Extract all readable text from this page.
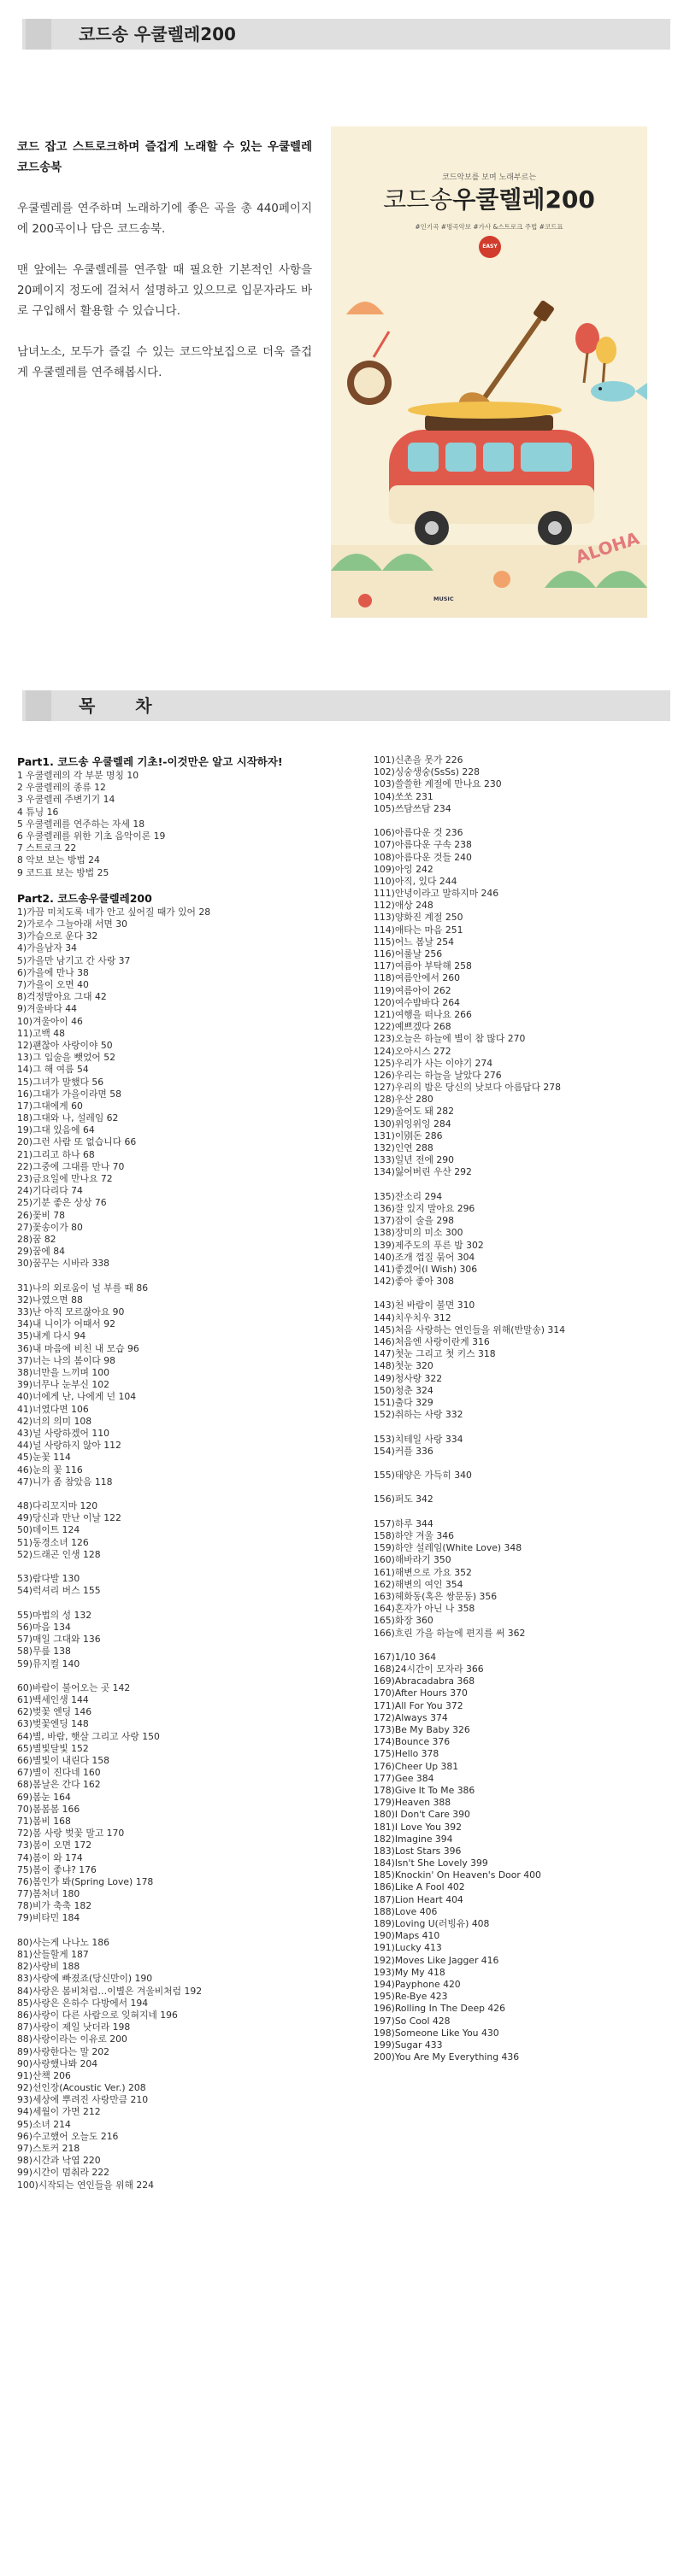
코드송 우쿨렐레200

코드 잡고 스트로크하며 즐겁게 노래할 수 있는 우쿨렐레 코드송북

우쿨렐레를 연주하며 노래하기에 좋은 곡을 총 440페이지에 200곡이나 담은 코드송북.

맨 앞에는 우쿨렐레를 연주할 때 필요한 기본적인 사항을 20페이지 정도에 걸쳐서 설명하고 있으므로 입문자라도 바로 구입해서 활용할 수 있습니다.

남녀노소, 모두가 즐길 수 있는 코드악보집으로 더욱 즐겁게 우쿨렐레를 연주해봅시다.

코드악보를 보며 노래부르는
코드송우쿨렐레200
#인기곡 #명곡악보 #가사 &스트로크 주법 #코드표
EASY
ALOHA
MUSIC
목 차
Part1. 코드송 우쿨렐레 기초!-이것만은 알고 시작하자!
1 우쿨렐레의 각 부분 명칭 10
2 우쿨렐레의 종류 12
3 우쿨렐레 주변기기 14
4 튜닝 16
5 우쿨렐레를 연주하는 자세 18
6 우쿨렐레를 위한 기초 음악이론 19
7 스트로크 22
8 악보 보는 방법 24
9 코드표 보는 방법 25
Part2. 코드송우쿨렐레200
1)가끔 미치도록 네가 안고 싶어질 때가 있어 28
2)가로수 그늘아래 서면 30
3)가슴으로 운다 32
4)가을남자 34
5)가을만 남기고 간 사랑 37
6)가을에 만나 38
7)가을이 오면 40
8)걱정말아요 그대 42
9)겨울바다 44
10)겨울아이 46
11)고백 48
12)괜찮아 사랑이야 50
13)그 입술을 뺏었어 52
14)그 해 여름 54
15)그녀가 말했다 56
16)그대가 가을이라면 58
17)그대에게 60
18)그대와 나, 설레임 62
19)그대 있음에 64
20)그런 사람 또 없습니다 66
21)그리고 하나 68
22)그중에 그대를 만나 70
23)금요일에 만나요 72
24)기다리다 74
25)기분 좋은 상상 76
26)꽃비 78
27)꽃송이가 80
28)꿈 82
29)꿈에 84
30)꿈꾸는 시바라 338
31)나의 외로움이 널 부를 때 86
32)나였으면 88
33)난 아직 모르잖아요 90
34)내 니이가 어때서 92
35)내게 다시 94
36)내 마음에 비친 내 모습 96
37)너는 나의 봄이다 98
38)너만을 느끼며 100
39)너무나 눈부신 102
40)너에게 난, 나에게 넌 104
41)너였다면 106
42)너의 의미 108
43)널 사랑하겠어 110
44)널 사랑하지 않아 112
45)눈꽃 114
46)눈의 꽃 116
47)니가 좀 참았음 118
48)다리꼬지마 120
49)당신과 만난 이날 122
50)데이트 124
51)동경소녀 126
52)드래곤 인생 128
53)람다발 130
54)럭셔리 버스 155
55)마법의 성 132
56)마음 134
57)매일 그대와 136
58)무릎 138
59)뮤지컬 140
60)바람이 불어오는 곳 142
61)백세인생 144
62)벚꽃 엔딩 146
63)벚꽃엔딩 148
64)별, 바람, 햇살 그리고 사랑 150
65)별빛달빛 152
66)별빛이 내린다 158
67)별이 진다네 160
68)봄날은 간다 162
69)봄눈 164
70)봄봄봄 166
71)봄비 168
72)봄 사랑 벚꽃 말고 170
73)봄이 오면 172
74)봄이 와 174
75)봄이 좋냐? 176
76)봄인가 봐(Spring Love) 178
77)봄처녀 180
78)비가 축축 182
79)비타민 184
80)사는게 나나노 186
81)산들할게 187
82)사랑비 188
83)사랑에 빠졌죠(당신만이) 190
84)사랑은 봄비처럼…이별은 겨울비처럼 192
85)사랑은 은하수 다방에서 194
86)사랑이 다른 사람으로 잊혀지네 196
87)사랑이 제일 낫더라 198
88)사랑이라는 이유로 200
89)사랑한다는 말 202
90)사랑했나봐 204
91)산책 206
92)선인장(Acoustic Ver.) 208
93)세상에 뿌려진 사랑만큼 210
94)세월이 가면 212
95)소녀 214
96)수고했어 오늘도 216
97)스토커 218
98)시간과 낙엽 220
99)시간이 멈춰라 222
100)시작되는 연인들을 위해 224
101)신촌을 못가 226
102)싱숭생숭(SsSs) 228
103)쓸쓸한 계절에 만나요 230
104)쏘쏘 231
105)쓰담쓰담 234
106)아름다운 것 236
107)아름다운 구속 238
108)아름다운 것들 240
109)아잉 242
110)아직, 있다 244
111)안녕이라고 말하지마 246
112)애상 248
113)양화진 계절 250
114)애타는 마음 251
115)어느 봄날 254
116)어룰날 256
117)여름아 부탁해 258
118)여름안에서 260
119)여름아이 262
120)여수밤바다 264
121)여행을 떠나요 266
122)예쁘겠다 268
123)오늘은 하늘에 별이 참 많다 270
124)오아시스 272
125)우리가 사는 이야기 274
126)우리는 하늘을 날았다 276
127)우리의 밤은 당신의 낮보다 아름답다 278
128)우산 280
129)울어도 돼 282
130)위잉위잉 284
131)이别돈 286
132)인연 288
133)일년 전에 290
134)잃어버린 우산 292
135)잔소리 294
136)잘 있지 말아요 296
137)잠이 술을 298
138)장미의 미소 300
139)제주도의 푸른 밤 302
140)조개 껍질 묶어 304
141)좋겠어(I Wish) 306
142)좋아 좋아 308
143)천 바람이 불면 310
144)치우치우 312
145)처음 사랑하는 연인들을 위해(반말송) 314
146)처음엔 사랑이란게 316
147)첫눈 그리고 첫 키스 318
148)첫눈 320
149)청사랑 322
150)청춘 324
151)출다 329
152)취하는 사랑 332
153)치테일 사랑 334
154)커플 336
155)태양은 가득히 340
156)퍼도 342
157)하루 344
158)하얀 겨울 346
159)하얀 설레임(White Love) 348
160)해바라기 350
161)해변으로 가요 352
162)해변의 여인 354
163)헤화동(혹은 쌍문동) 356
164)혼자가 아닌 나 358
165)화장 360
166)흐린 가을 하늘에 편지를 써 362
167)1/10 364
168)24시간이 모자라 366
169)Abracadabra 368
170)After Hours 370
171)All For You 372
172)Always 374
173)Be My Baby 326
174)Bounce 376
175)Hello 378
176)Cheer Up 381
177)Gee 384
178)Give It To Me 386
179)Heaven 388
180)I Don't Care 390
181)I Love You 392
182)Imagine 394
183)Lost Stars 396
184)Isn't She Lovely 399
185)Knockin' On Heaven's Door 400
186)Like A Fool 402
187)Lion Heart 404
188)Love 406
189)Loving U(러빙유) 408
190)Maps 410
191)Lucky 413
192)Moves Like Jagger 416
193)My My 418
194)Payphone 420
195)Re-Bye 423
196)Rolling In The Deep 426
197)So Cool 428
198)Someone Like You 430
199)Sugar 433
200)You Are My Everything 436
